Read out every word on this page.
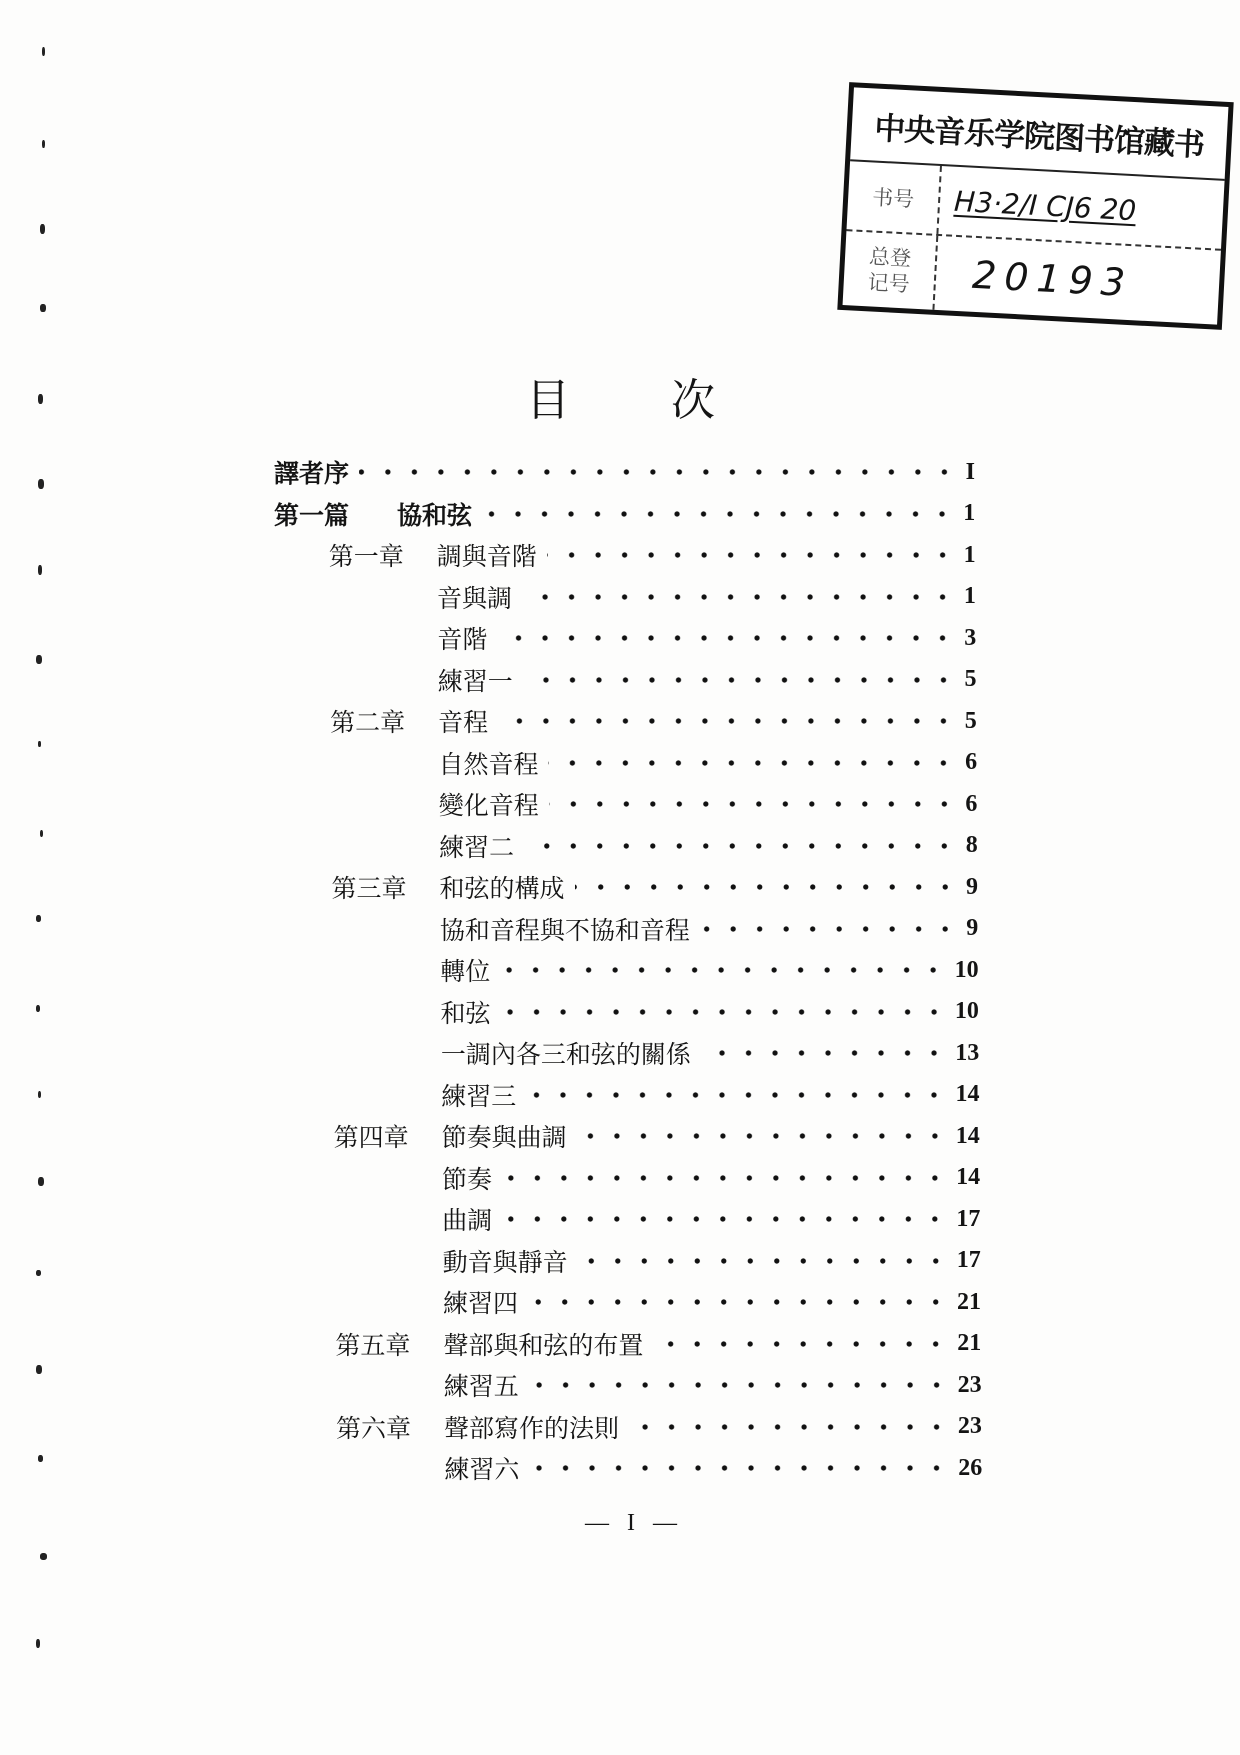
中央音乐学院图书馆藏书
书号	H3·2/I CJ6 20
总登记号	20193
目次
譯者序	I
第一篇	協和弦	1
第一章	調與音階	1
音與調	1
音階	3
練習一	5
第二章	音程	5
自然音程	6
變化音程	6
練習二	8
第三章	和弦的構成	9
協和音程與不協和音程	9
轉位	10
和弦	10
一調內各三和弦的關係	13
練習三	14
第四章	節奏與曲調	14
節奏	14
曲調	17
動音與靜音	17
練習四	21
第五章	聲部與和弦的布置	21
練習五	23
第六章	聲部寫作的法則	23
練習六	26
— I —
